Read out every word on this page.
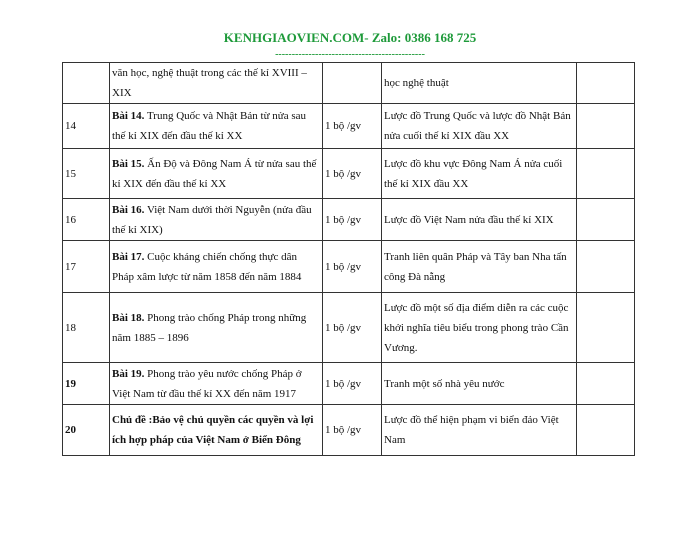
KENHGIAOVIEN.COM- Zalo: 0386 168 725
---------------------------------------------
	văn học, nghệ thuật trong các thế kỉ XVIII – XIX		học nghệ thuật	
14	Bài 14. Trung Quốc và Nhật Bản từ nửa sau thế kỉ XIX đến đầu thế kỉ XX	1 bộ /gv	Lược đồ Trung Quốc và lược đồ Nhật Bản nửa cuối thế kỉ XIX đầu XX	
15	Bài 15. Ấn Độ và Đông Nam Á từ nửa sau thế kỉ XIX đến đầu thế kỉ XX	1 bộ /gv	Lược đồ khu vực Đông Nam Á nửa cuối thế kỉ XIX đầu XX	
16	Bài 16. Việt Nam dưới thời Nguyễn (nửa đầu thế kỉ XIX)	1 bộ /gv	Lược đồ Việt Nam nửa đầu thế kỉ XIX	
17	Bài 17. Cuộc kháng chiến chống thực dân Pháp xâm lược từ năm 1858 đến năm 1884	1 bộ /gv	Tranh liên quân Pháp và Tây ban Nha tấn công Đà nẵng	
18	Bài 18. Phong trào chống Pháp trong những năm 1885 – 1896	1 bộ /gv	Lược đồ một số địa điểm diễn ra các cuộc khởi nghĩa tiêu biểu trong phong trào Cần Vương.	
19	Bài 19. Phong trào yêu nước chống Pháp ở Việt Nam từ đầu thế kỉ XX đến năm 1917	1 bộ /gv	Tranh một số nhà yêu nước	
20	Chủ đề :Bảo vệ chủ quyền các quyền và lợi ích hợp pháp của Việt Nam ở Biển Đông	1 bộ /gv	Lược đồ thể hiện phạm vi biển đảo Việt Nam	
